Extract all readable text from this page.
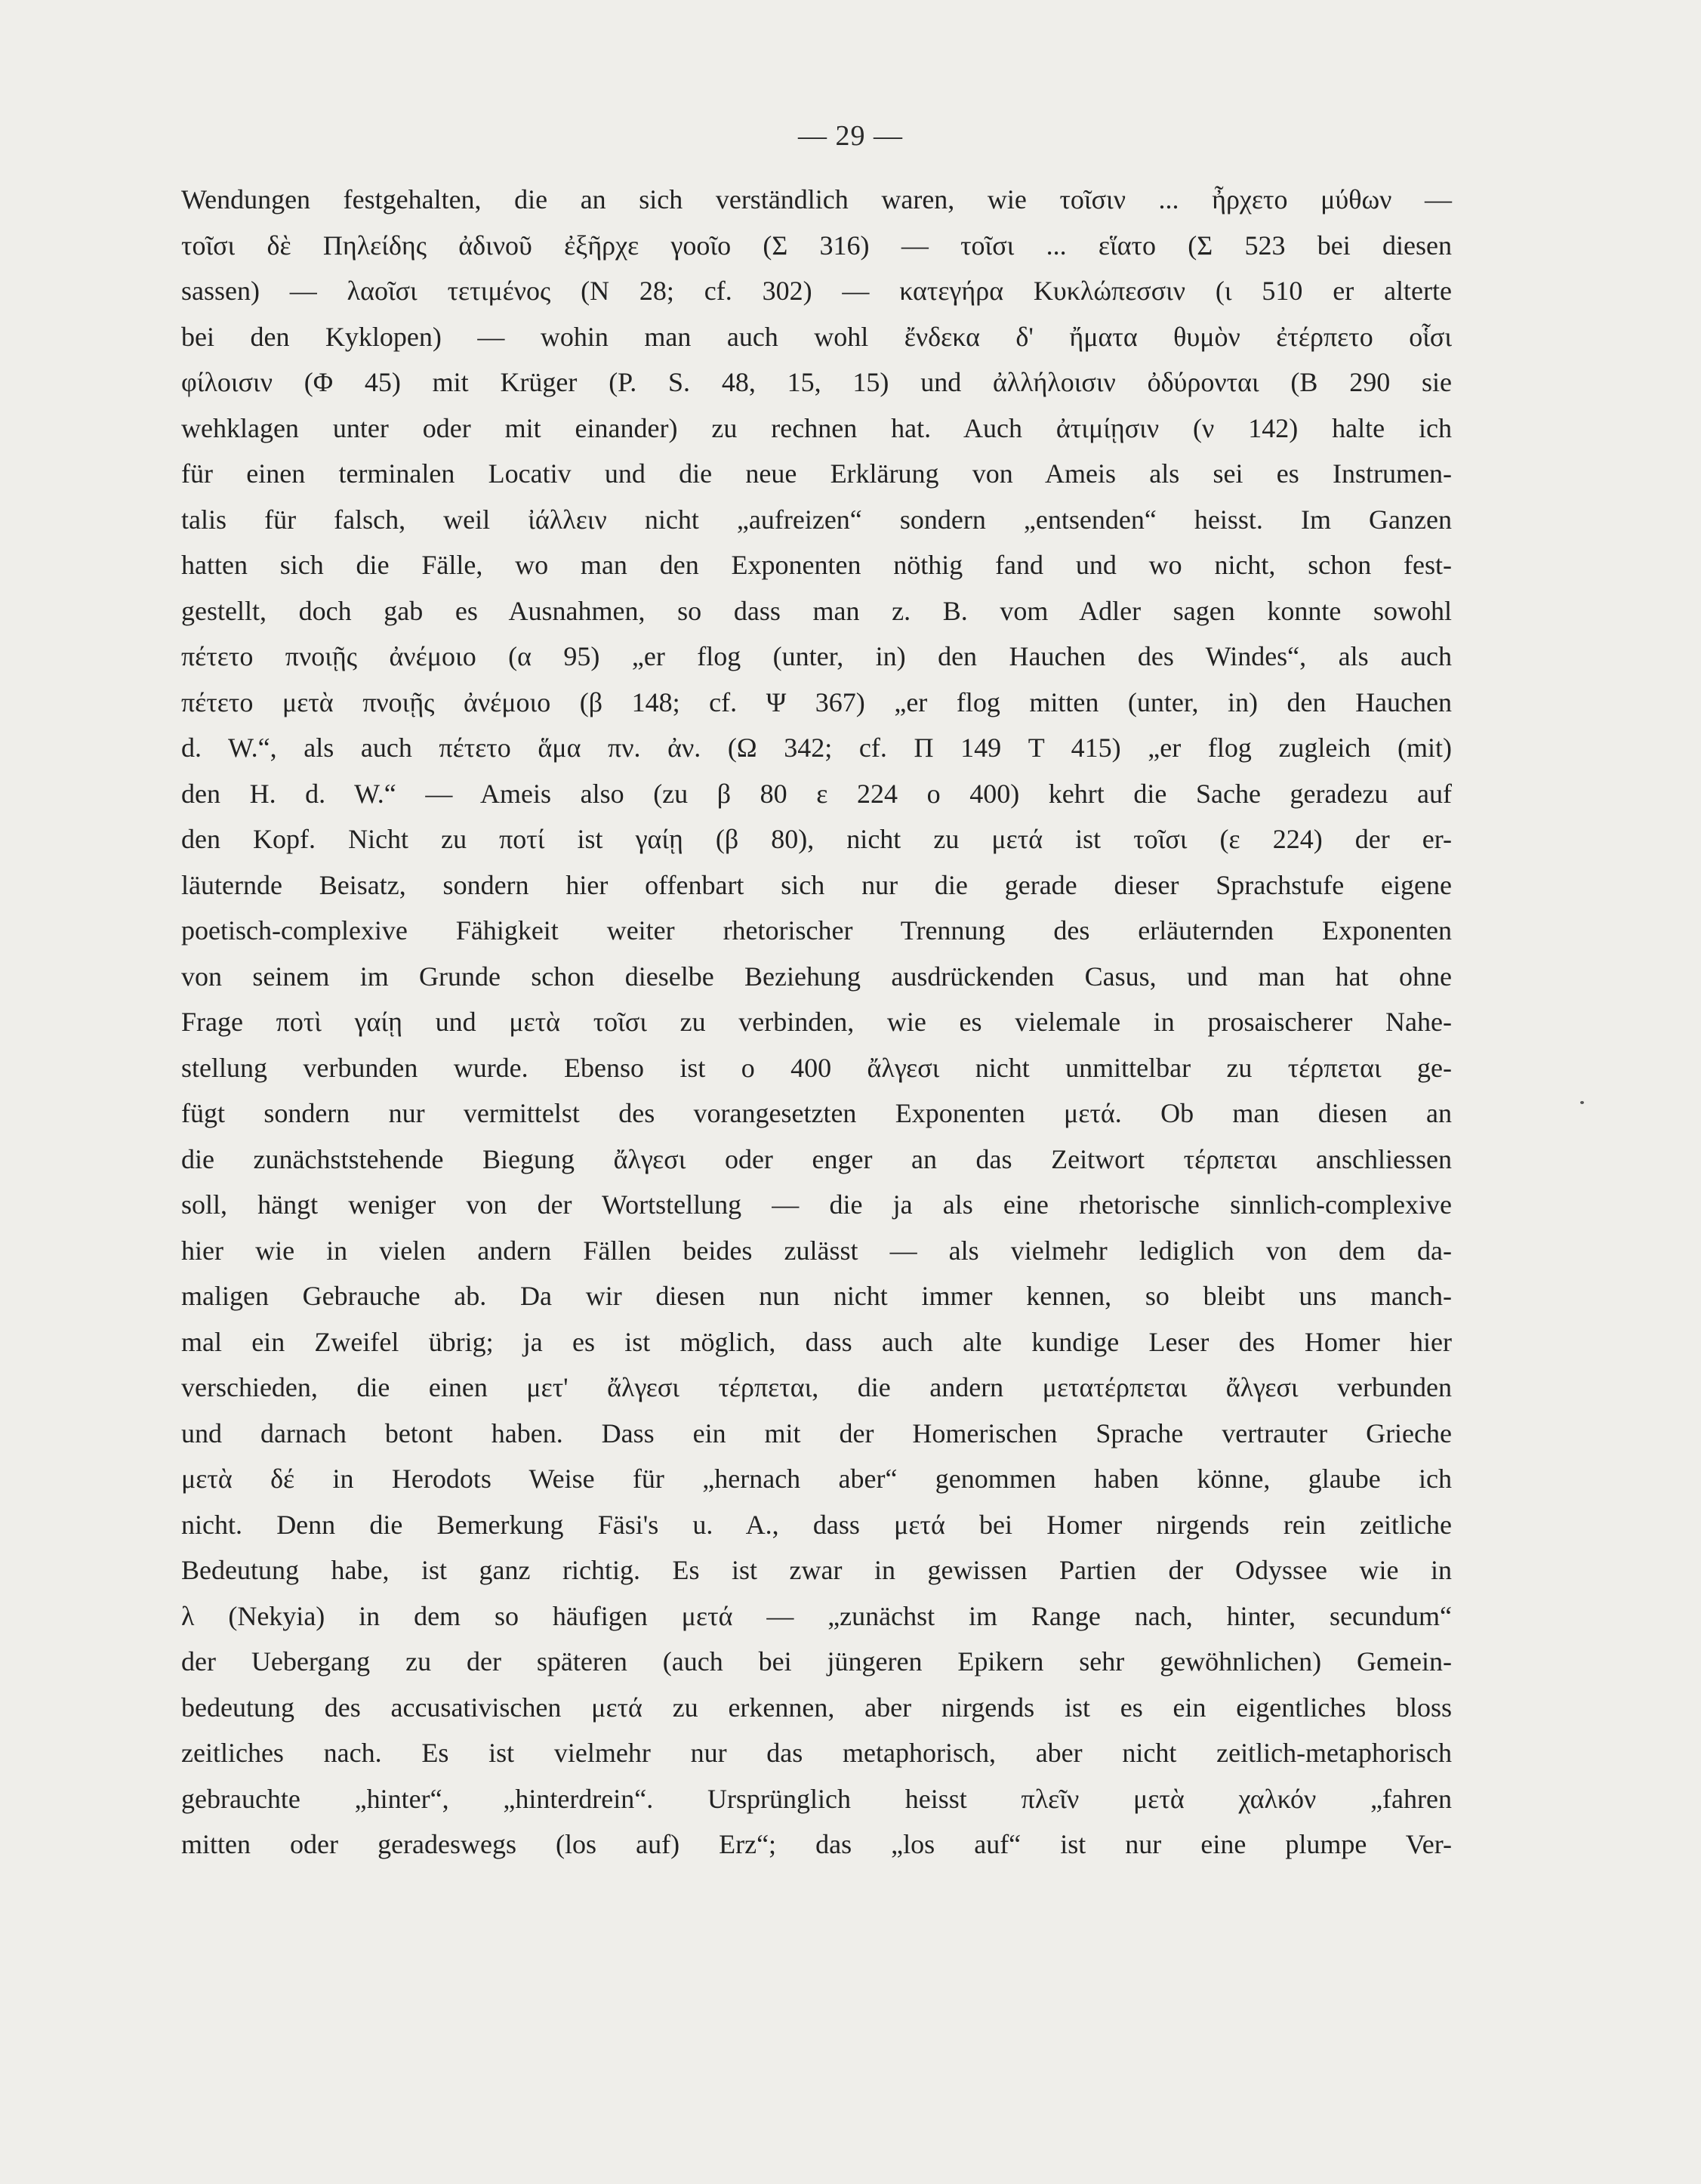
— 29 —
Wendungen festgehalten, die an sich verständlich waren, wie τοῖσιν ... ἦρχετο μύθων —
τοῖσι δὲ Πηλείδης ἀδινοῦ ἐξῆρχε γοοῖο (Σ 316) — τοῖσι ... εἵατο (Σ 523 bei diesen
sassen) — λαοῖσι τετιμένος (N 28; cf. 302) — κατεγήρα Κυκλώπεσσιν (ι 510 er alterte
bei den Kyklopen) — wohin man auch wohl ἔνδεκα δ' ἤματα θυμὸν ἐτέρπετο οἷσι
φίλοισιν (Φ 45) mit Krüger (P. S. 48, 15, 15) und ἀλλήλοισιν ὀδύρονται (B 290 sie
wehklagen unter oder mit einander) zu rechnen hat. Auch ἀτιμίῃσιν (ν 142) halte ich
für einen terminalen Locativ und die neue Erklärung von Ameis als sei es Instrumen-
talis für falsch, weil ἰάλλειν nicht „aufreizen“ sondern „entsenden“ heisst. Im Ganzen
hatten sich die Fälle, wo man den Exponenten nöthig fand und wo nicht, schon fest-
gestellt, doch gab es Ausnahmen, so dass man z. B. vom Adler sagen konnte sowohl
πέτετο πνοιῇς ἀνέμοιο (α 95) „er flog (unter, in) den Hauchen des Windes“, als auch
πέτετο μετὰ πνοιῇς ἀνέμοιο (β 148; cf. Ψ 367) „er flog mitten (unter, in) den Hauchen
d. W.“, als auch πέτετο ἅμα πν. ἀν. (Ω 342; cf. Π 149 T 415) „er flog zugleich (mit)
den H. d. W.“ — Ameis also (zu β 80 ε 224 ο 400) kehrt die Sache geradezu auf
den Kopf. Nicht zu ποτί ist γαίῃ (β 80), nicht zu μετά ist τοῖσι (ε 224) der er-
läuternde Beisatz, sondern hier offenbart sich nur die gerade dieser Sprachstufe eigene
poetisch-complexive Fähigkeit weiter rhetorischer Trennung des erläuternden Exponenten
von seinem im Grunde schon dieselbe Beziehung ausdrückenden Casus, und man hat ohne
Frage ποτὶ γαίῃ und μετὰ τοῖσι zu verbinden, wie es vielemale in prosaischerer Nahe-
stellung verbunden wurde. Ebenso ist ο 400 ἄλγεσι nicht unmittelbar zu τέρπεται ge-
fügt sondern nur vermittelst des vorangesetzten Exponenten μετά. Ob man diesen an
die zunächststehende Biegung ἄλγεσι oder enger an das Zeitwort τέρπεται anschliessen
soll, hängt weniger von der Wortstellung — die ja als eine rhetorische sinnlich-complexive
hier wie in vielen andern Fällen beides zulässt — als vielmehr lediglich von dem da-
maligen Gebrauche ab. Da wir diesen nun nicht immer kennen, so bleibt uns manch-
mal ein Zweifel übrig; ja es ist möglich, dass auch alte kundige Leser des Homer hier
verschieden, die einen μετ' ἄλγεσι τέρπεται, die andern μετατέρπεται ἄλγεσι verbunden
und darnach betont haben. Dass ein mit der Homerischen Sprache vertrauter Grieche
μετὰ δέ in Herodots Weise für „hernach aber“ genommen haben könne, glaube ich
nicht. Denn die Bemerkung Fäsi's u. A., dass μετά bei Homer nirgends rein zeitliche
Bedeutung habe, ist ganz richtig. Es ist zwar in gewissen Partien der Odyssee wie in
λ (Nekyia) in dem so häufigen μετά — „zunächst im Range nach, hinter, secundum“
der Uebergang zu der späteren (auch bei jüngeren Epikern sehr gewöhnlichen) Gemein-
bedeutung des accusativischen μετά zu erkennen, aber nirgends ist es ein eigentliches bloss
zeitliches nach. Es ist vielmehr nur das metaphorisch, aber nicht zeitlich-metaphorisch
gebrauchte „hinter“, „hinterdrein“. Ursprünglich heisst πλεῖν μετὰ χαλκόν „fahren
mitten oder geradeswegs (los auf) Erz“; das „los auf“ ist nur eine plumpe Ver-
